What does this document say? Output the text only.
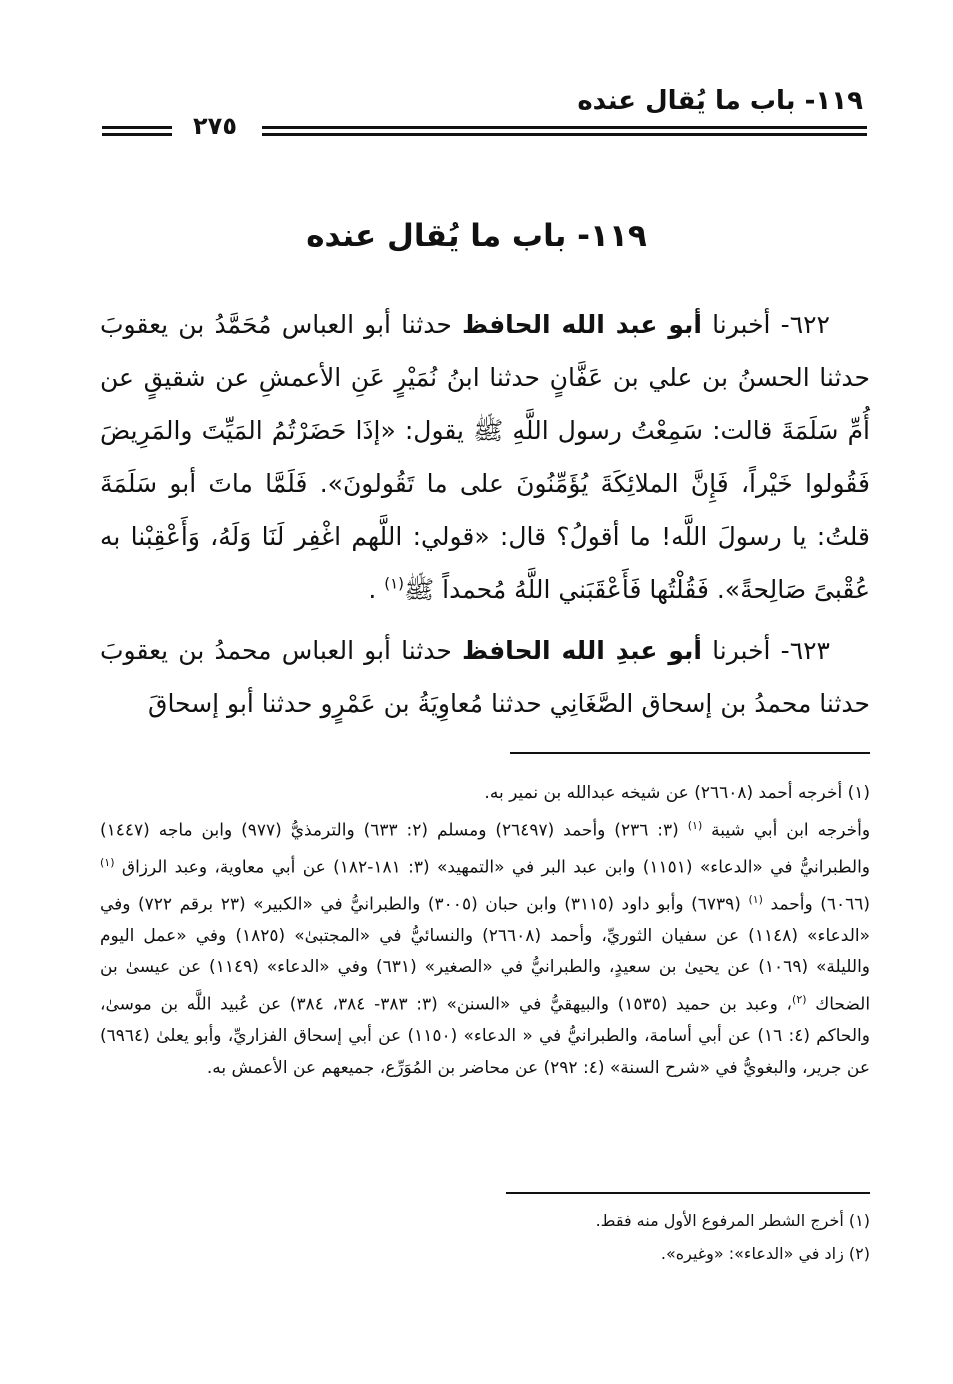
١١٩- باب ما يُقال عنده
٢٧٥
١١٩- باب ما يُقال عنده

٦٢٢- أخبرنا أبو عبد الله الحافظ حدثنا أبو العباس مُحَمَّدُ بن يعقوبَ حدثنا الحسنُ بن علي بن عَفَّانٍ حدثنا ابنُ نُمَيْرٍ عَنِ الأعمشِ عن شقيقٍ عن أُمِّ سَلَمَةَ قالت: سَمِعْتُ رسول اللَّهِ ﷺ يقول: «إذَا حَضَرْتُمُ المَيِّتَ والمَرِيضَ فَقُولوا خَيْراً، فَإِنَّ الملائِكَةَ يُؤَمِّنُونَ على ما تَقُولونَ». فَلَمَّا ماتَ أبو سَلَمَةَ قلتُ: يا رسولَ اللَّه! ما أقولُ؟ قال: «قولي: اللَّهم اغْفِر لَنَا وَلَهُ، وَأَعْقِبْنا به عُقْبىً صَالِحةً». فَقُلْتُها فَأَعْقَبَني اللَّهُ مُحمداً ﷺ$^{(١)}$ .

٦٢٣- أخبرنا أبو عبدِ الله الحافظ حدثنا أبو العباس محمدُ بن يعقوبَ حدثنا محمدُ بن إسحاق الصَّغَانِي حدثنا مُعاوِيَةُ بن عَمْرٍو حدثنا أبو إسحاقَ

(١) أخرجه أحمد (٢٦٦٠٨) عن شيخه عبدالله بن نمير به.

وأخرجه ابن أبي شيبة $^{(١)}$ (٣: ٢٣٦) وأحمد (٢٦٤٩٧) ومسلم (٢: ٦٣٣) والترمذيُّ (٩٧٧) وابن ماجه (١٤٤٧) والطبرانيُّ في «الدعاء» (١١٥١) وابن عبد البر في «التمهيد» (٣: ١٨١-١٨٢) عن أبي معاوية، وعبد الرزاق $^{(١)}$ (٦٠٦٦) وأحمد $^{(١)}$ (٦٧٣٩) وأبو داود (٣١١٥) وابن حبان (٣٠٠٥) والطبرانيُّ في «الكبير» (٢٣ برقم ٧٢٢) وفي «الدعاء» (١١٤٨) عن سفيان الثوريِّ، وأحمد (٢٦٦٠٨) والنسائيُّ في «المجتبىٰ» (١٨٢٥) وفي «عمل اليوم والليلة» (١٠٦٩) عن يحيىٰ بن سعيدٍ، والطبرانيُّ في «الصغير» (٦٣١) وفي «الدعاء» (١١٤٩) عن عيسىٰ بن الضحاك $^{(٢)}$، وعبد بن حميد (١٥٣٥) والبيهقيُّ في «السنن» (٣: ٣٨٣- ٣٨٤، ٣٨٤) عن عُبيد اللَّه بن موسىٰ، والحاكم (٤: ١٦) عن أبي أسامة، والطبرانيُّ في « الدعاء» (١١٥٠) عن أبي إسحاق الفزاريِّ، وأبو يعلىٰ (٦٩٦٤) عن جرير، والبغويُّ في «شرح السنة» (٤: ٢٩٢) عن محاضر بن المُوَرِّع، جميعهم عن الأعمش به.

(١) أخرج الشطر المرفوع الأول منه فقط.

(٢) زاد في «الدعاء»: «وغيره».
